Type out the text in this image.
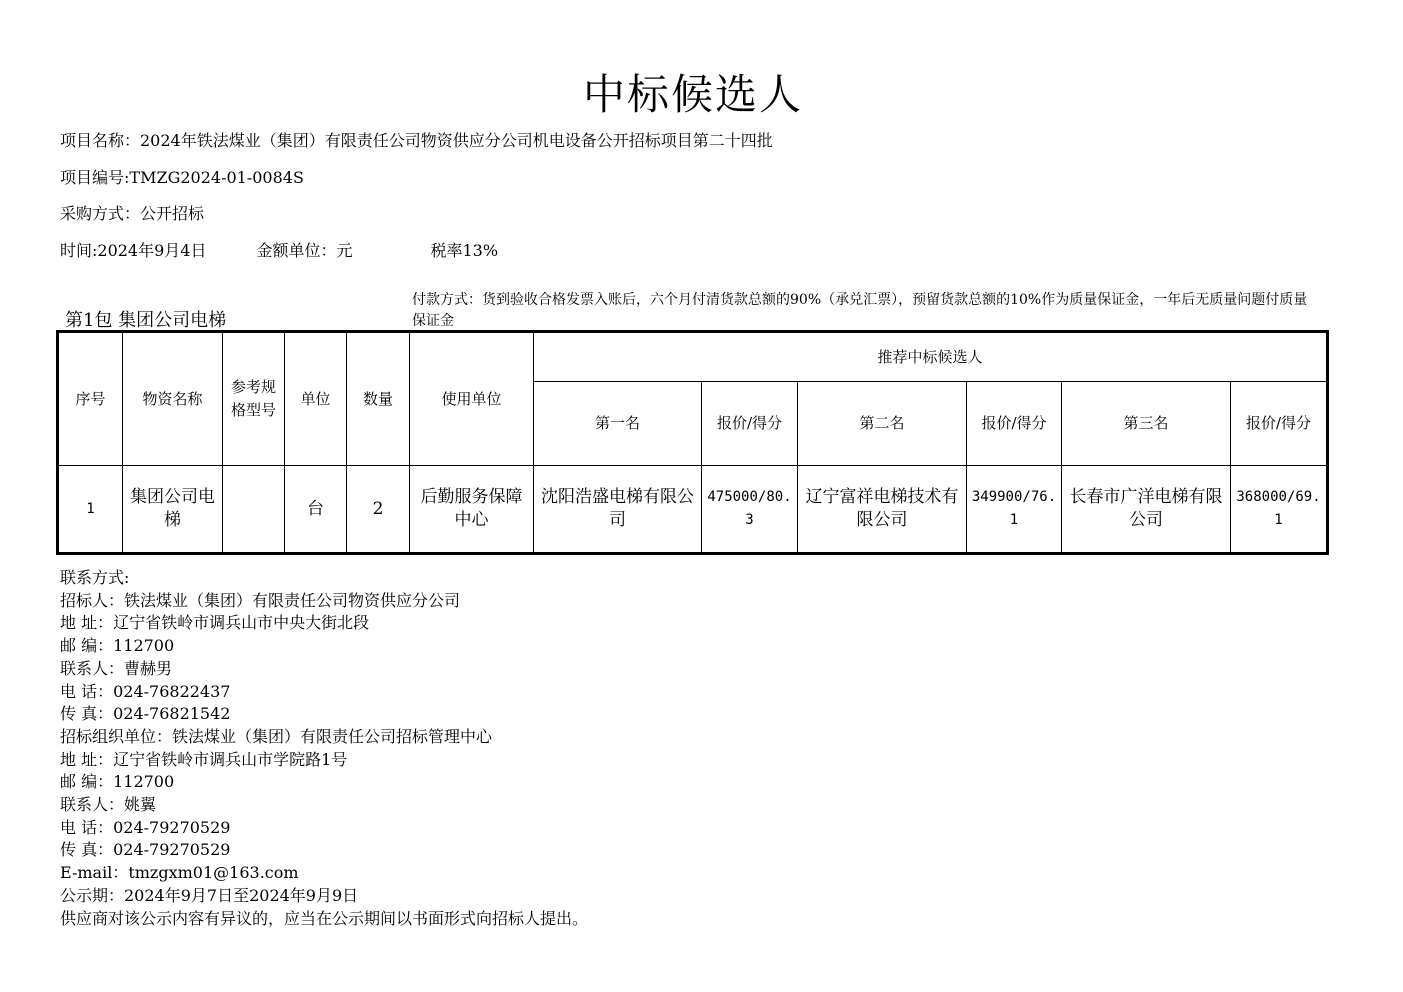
中标候选人
项目名称：2024年铁法煤业（集团）有限责任公司物资供应分公司机电设备公开招标项目第二十四批
项目编号:TMZG2024-01-0084S
采购方式：公开招标
时间:2024年9月4日	金额单位：元	税率13%
第1包 集团公司电梯
付款方式：货到验收合格发票入账后，六个月付清货款总额的90%（承兑汇票），预留货款总额的10%作为质量保证金，一年后无质量问题付质量保证金
序号	物资名称	参考规格型号	单位	数量	使用单位	推荐中标候选人					
						第一名	报价/得分	第二名	报价/得分	第三名	报价/得分
1	集团公司电梯		台	2	后勤服务保障中心	沈阳浩盛电梯有限公司	475000/80.3	辽宁富祥电梯技术有限公司	349900/76.1	长春市广洋电梯有限公司	368000/69.1
联系方式:
招标人：铁法煤业（集团）有限责任公司物资供应分公司
地 址：辽宁省铁岭市调兵山市中央大街北段
邮 编：112700
联系人：曹赫男
电 话：024-76822437
传 真：024-76821542
招标组织单位：铁法煤业（集团）有限责任公司招标管理中心
地 址：辽宁省铁岭市调兵山市学院路1号
邮 编：112700
联系人：姚翼
电 话：024-79270529
传 真：024-79270529
E-mail：tmzgxm01@163.com
公示期：2024年9月7日至2024年9月9日
供应商对该公示内容有异议的，应当在公示期间以书面形式向招标人提出。
